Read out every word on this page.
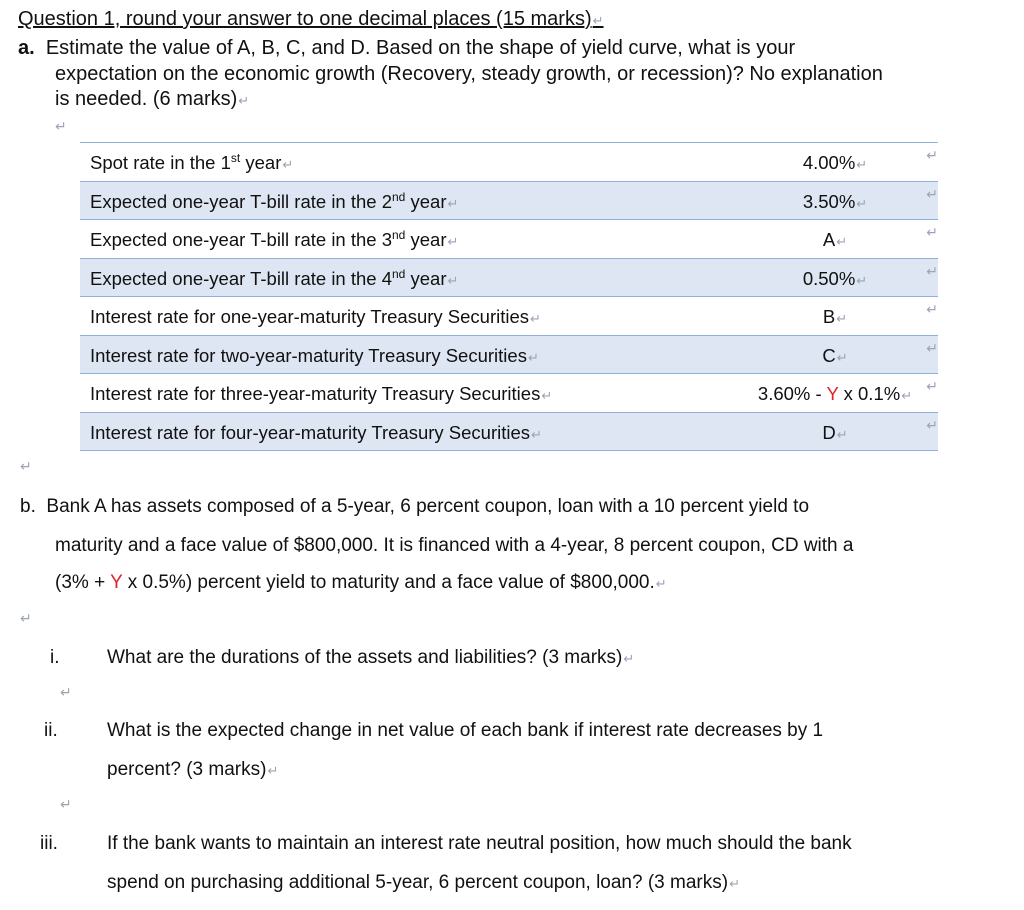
Question 1, round your answer to one decimal places (15 marks)↵
a. Estimate the value of A, B, C, and D. Based on the shape of yield curve, what is your
expectation on the economic growth (Recovery, steady growth, or recession)? No explanation
is needed. (6 marks)↵
↵
Spot rate in the 1st year↵	4.00%↵
↵
Expected one-year T-bill rate in the 2nd year↵	3.50%↵
↵
Expected one-year T-bill rate in the 3nd year↵	A↵
↵
Expected one-year T-bill rate in the 4nd year↵	0.50%↵
↵
Interest rate for one-year-maturity Treasury Securities↵	B↵
↵
Interest rate for two-year-maturity Treasury Securities↵	C↵
↵
Interest rate for three-year-maturity Treasury Securities↵	3.60% - Y x 0.1%↵
↵
Interest rate for four-year-maturity Treasury Securities↵	D↵
↵
↵
b. Bank A has assets composed of a 5-year, 6 percent coupon, loan with a 10 percent yield to
maturity and a face value of $800,000. It is financed with a 4-year, 8 percent coupon, CD with a
(3% + Y x 0.5%) percent yield to maturity and a face value of $800,000.↵
↵
i.	What are the durations of the assets and liabilities? (3 marks)↵
↵
ii.	What is the expected change in net value of each bank if interest rate decreases by 1
percent? (3 marks)↵
↵
iii.	If the bank wants to maintain an interest rate neutral position, how much should the bank
spend on purchasing additional 5-year, 6 percent coupon, loan? (3 marks)↵
